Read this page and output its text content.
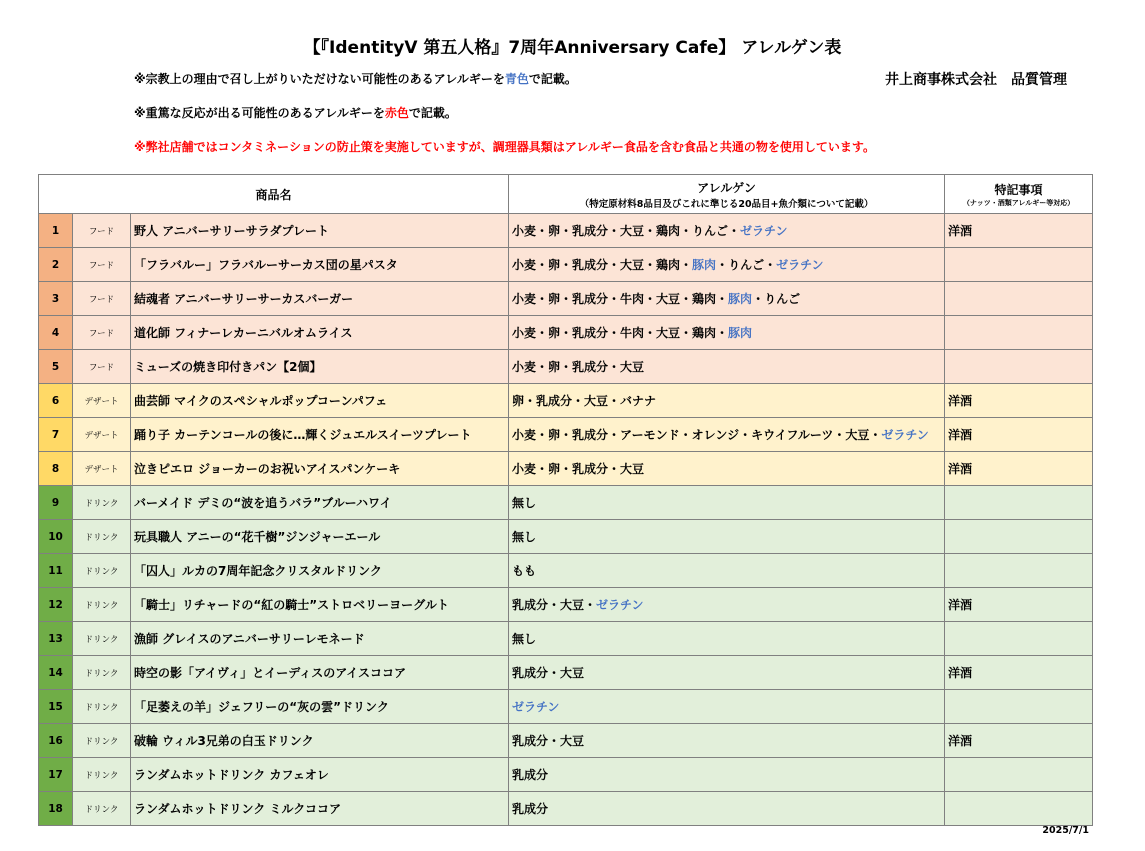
【『IdentityV 第五人格』7周年Anniversary Cafe】 アレルゲン表
※宗教上の理由で召し上がりいただけない可能性のあるアレルギーを青色で記載。	井上商事株式会社　品質管理
※重篤な反応が出る可能性のあるアレルギーを赤色で記載。
※弊社店舗ではコンタミネーションの防止策を実施していますが、調理器具類はアレルギー食品を含む食品と共通の物を使用しています。
商品名			アレルゲン
（特定原材料8品目及びこれに準じる20品目+魚介類について記載）	特記事項
（ナッツ・酒類アレルギー等対応）

1	フード	野人 アニバーサリーサラダプレート	小麦・卵・乳成分・大豆・鶏肉・りんご・ゼラチン	洋酒
2	フード	「フラバルー」フラバルーサーカス団の星パスタ	小麦・卵・乳成分・大豆・鶏肉・豚肉・りんご・ゼラチン	
3	フード	結魂者 アニバーサリーサーカスバーガー	小麦・卵・乳成分・牛肉・大豆・鶏肉・豚肉・りんご	
4	フード	道化師 フィナーレカーニバルオムライス	小麦・卵・乳成分・牛肉・大豆・鶏肉・豚肉	
5	フード	ミューズの焼き印付きパン【2個】	小麦・卵・乳成分・大豆	
6	デザート	曲芸師 マイクのスペシャルポップコーンパフェ	卵・乳成分・大豆・バナナ	洋酒
7	デザート	踊り子 カーテンコールの後に…輝くジュエルスイーツプレート	小麦・卵・乳成分・アーモンド・オレンジ・キウイフルーツ・大豆・ゼラチン	洋酒
8	デザート	泣きピエロ ジョーカーのお祝いアイスパンケーキ	小麦・卵・乳成分・大豆	洋酒
9	ドリンク	バーメイド デミの“波を追うバラ”ブルーハワイ	無し	
10	ドリンク	玩具職人 アニーの“花千樹”ジンジャーエール	無し	
11	ドリンク	「囚人」ルカの7周年記念クリスタルドリンク	もも	
12	ドリンク	「騎士」リチャードの“紅の騎士”ストロベリーヨーグルト	乳成分・大豆・ゼラチン	洋酒
13	ドリンク	漁師 グレイスのアニバーサリーレモネード	無し	
14	ドリンク	時空の影「アイヴィ」とイーディスのアイスココア	乳成分・大豆	洋酒
15	ドリンク	「足萎えの羊」ジェフリーの“灰の雲”ドリンク	ゼラチン	
16	ドリンク	破輪 ウィル3兄弟の白玉ドリンク	乳成分・大豆	洋酒
17	ドリンク	ランダムホットドリンク カフェオレ	乳成分	
18	ドリンク	ランダムホットドリンク ミルクココア	乳成分	
2025/7/1
